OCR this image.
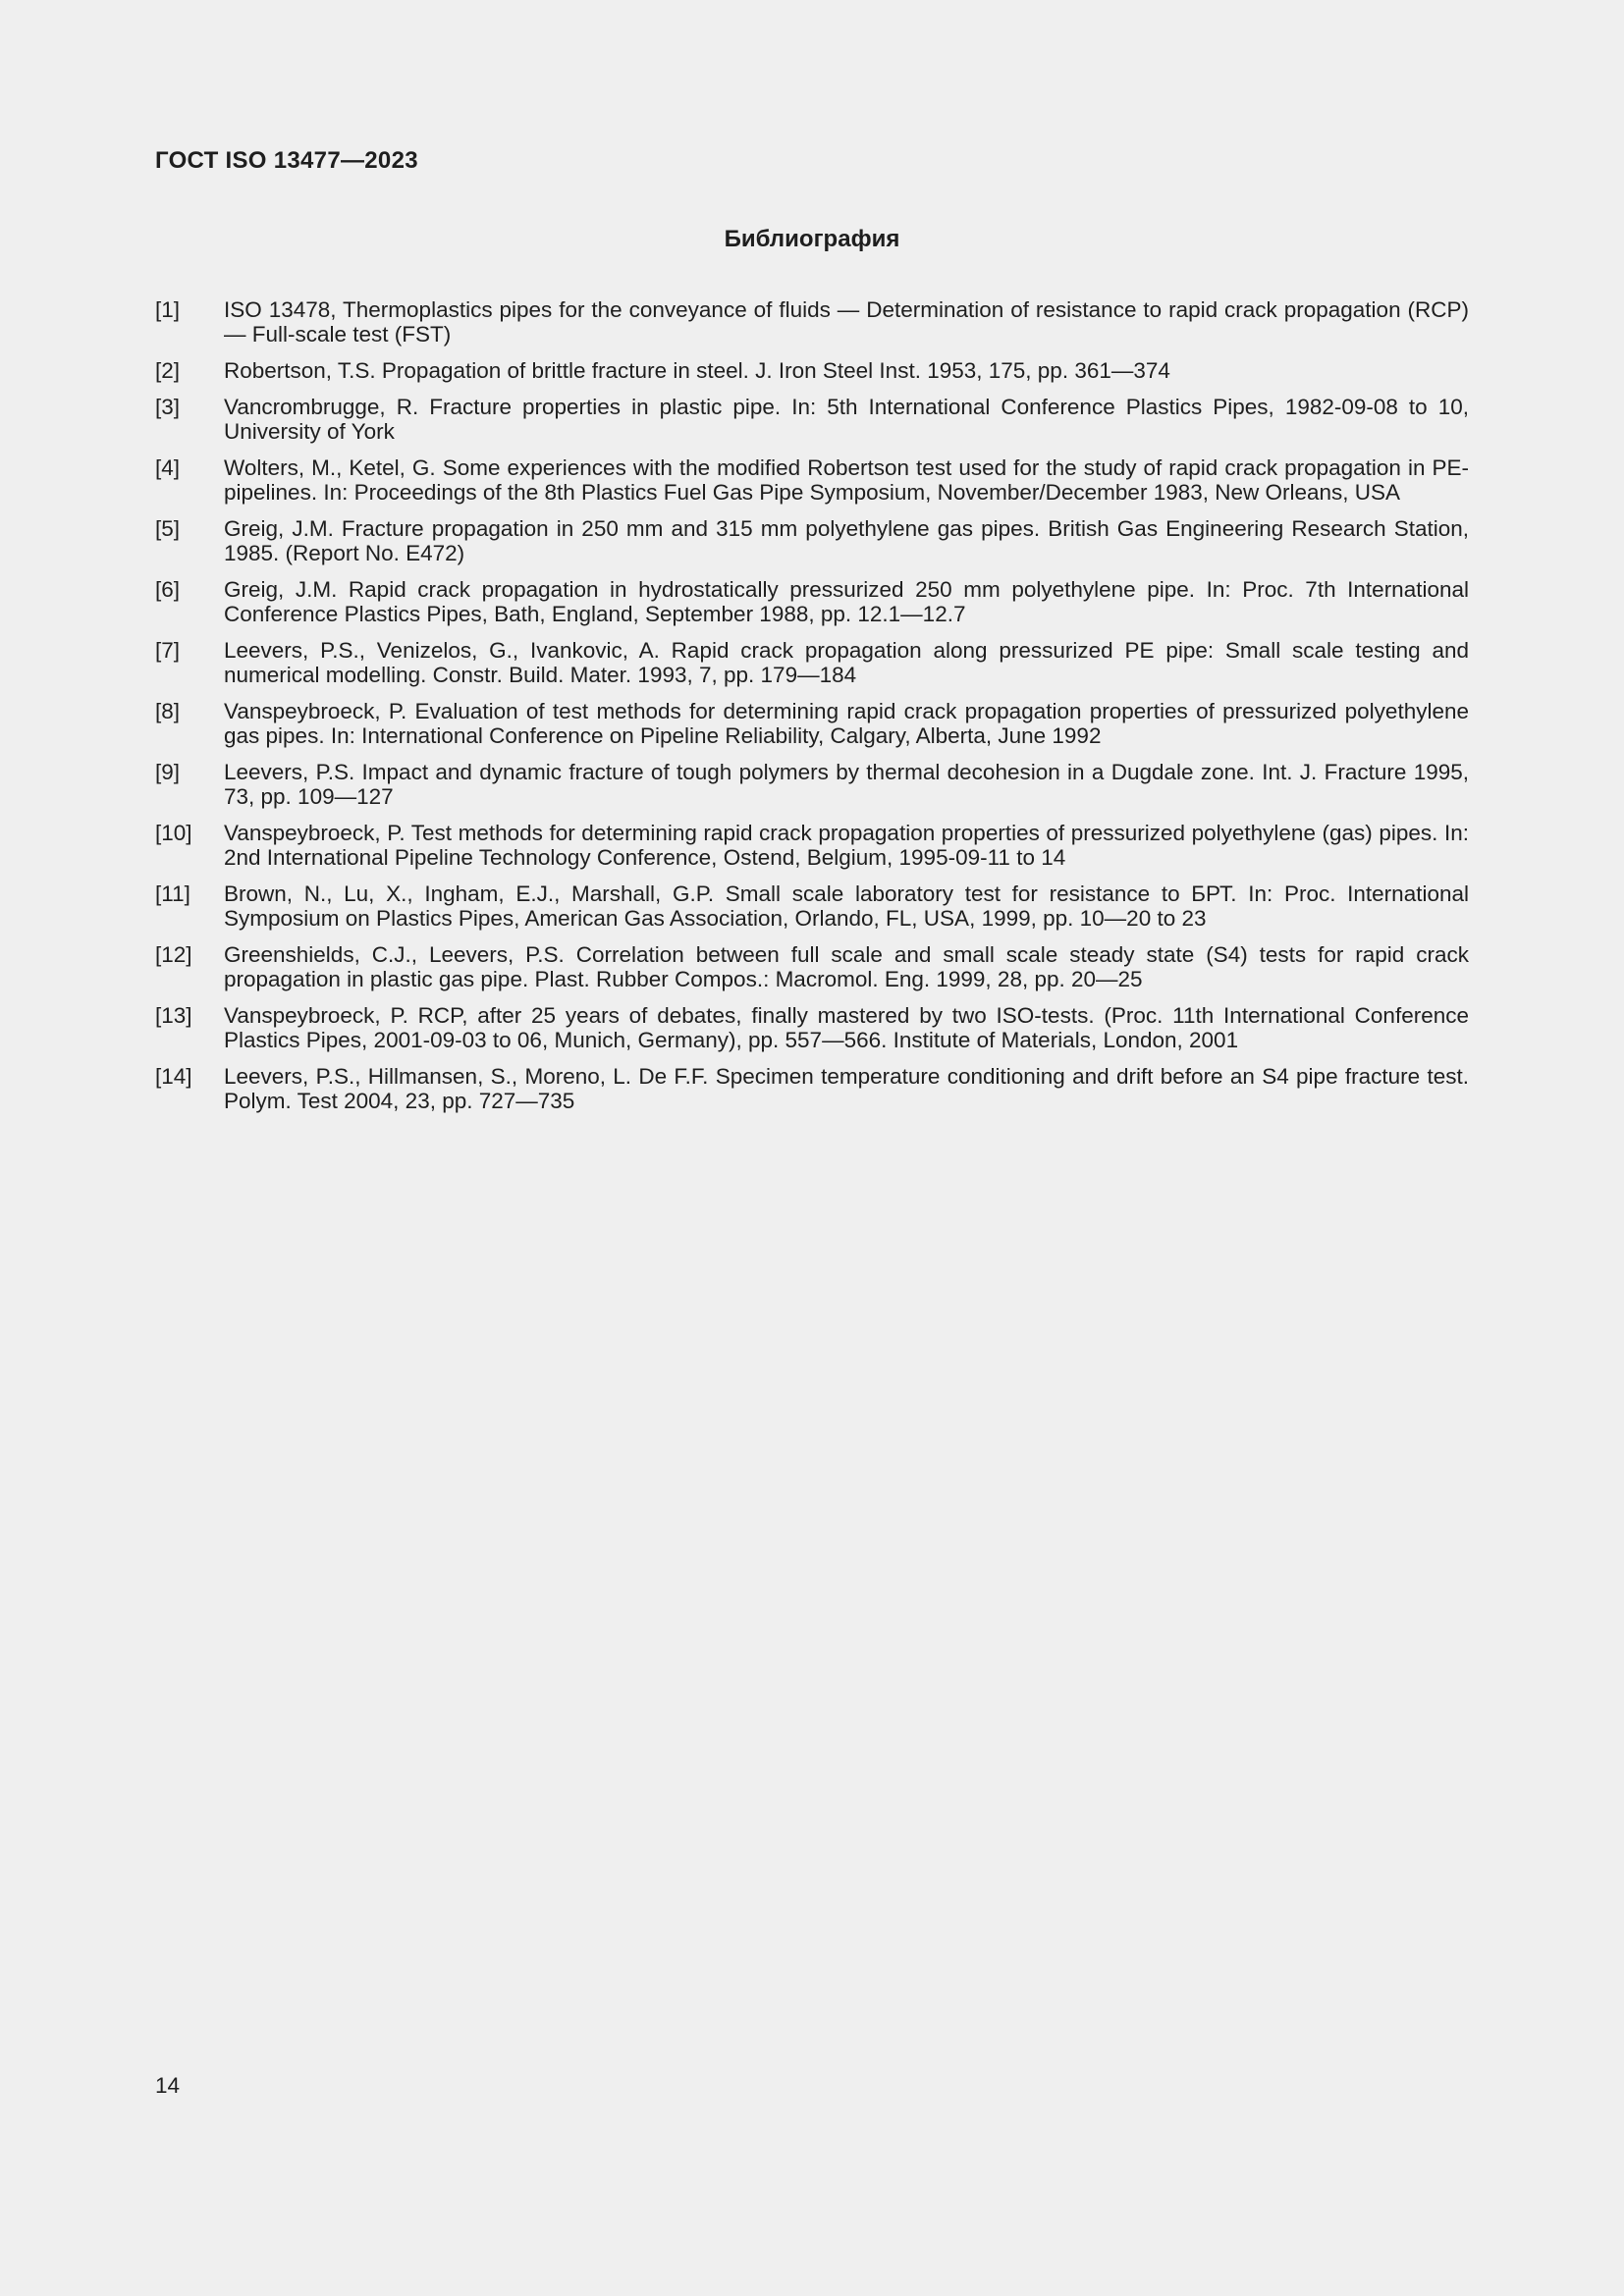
ГОСТ ISO 13477—2023
Библиография
[1]	ISO 13478, Thermoplastics pipes for the conveyance of fluids — Determination of resistance to rapid crack propagation (RCP) — Full-scale test (FST)
[2]	Robertson, T.S. Propagation of brittle fracture in steel. J. Iron Steel Inst. 1953, 175, pp. 361—374
[3]	Vancrombrugge, R. Fracture properties in plastic pipe. In: 5th International Conference Plastics Pipes, 1982-09-08 to 10, University of York
[4]	Wolters, M., Ketel, G. Some experiences with the modified Robertson test used for the study of rapid crack propagation in PE-pipelines. In: Proceedings of the 8th Plastics Fuel Gas Pipe Symposium, November/December 1983, New Orleans, USA
[5]	Greig, J.M. Fracture propagation in 250 mm and 315 mm polyethylene gas pipes. British Gas Engineering Research Station, 1985. (Report No. E472)
[6]	Greig, J.M. Rapid crack propagation in hydrostatically pressurized 250 mm polyethylene pipe. In: Proc. 7th International Conference Plastics Pipes, Bath, England, September 1988, pp. 12.1—12.7
[7]	Leevers, P.S., Venizelos, G., Ivankovic, A. Rapid crack propagation along pressurized PE pipe: Small scale testing and numerical modelling. Constr. Build. Mater. 1993, 7, pp. 179—184
[8]	Vanspeybroeck, P. Evaluation of test methods for determining rapid crack propagation properties of pressurized polyethylene gas pipes. In: International Conference on Pipeline Reliability, Calgary, Alberta, June 1992
[9]	Leevers, P.S. Impact and dynamic fracture of tough polymers by thermal decohesion in a Dugdale zone. Int. J. Fracture 1995, 73, pp. 109—127
[10]	Vanspeybroeck, P. Test methods for determining rapid crack propagation properties of pressurized polyethylene (gas) pipes. In: 2nd International Pipeline Technology Conference, Ostend, Belgium, 1995-09-11 to 14
[11]	Brown, N., Lu, X., Ingham, E.J., Marshall, G.P. Small scale laboratory test for resistance to БРТ. In: Proc. International Symposium on Plastics Pipes, American Gas Association, Orlando, FL, USA, 1999, pp. 10—20 to 23
[12]	Greenshields, C.J., Leevers, P.S. Correlation between full scale and small scale steady state (S4) tests for rapid crack propagation in plastic gas pipe. Plast. Rubber Compos.: Macromol. Eng. 1999, 28, pp. 20—25
[13]	Vanspeybroeck, P. RCP, after 25 years of debates, finally mastered by two ISO-tests. (Proc. 11th International Conference Plastics Pipes, 2001-09-03 to 06, Munich, Germany), pp. 557—566. Institute of Materials, London, 2001
[14]	Leevers, P.S., Hillmansen, S., Moreno, L. De F.F. Specimen temperature conditioning and drift before an S4 pipe fracture test. Polym. Test 2004, 23, pp. 727—735
14
